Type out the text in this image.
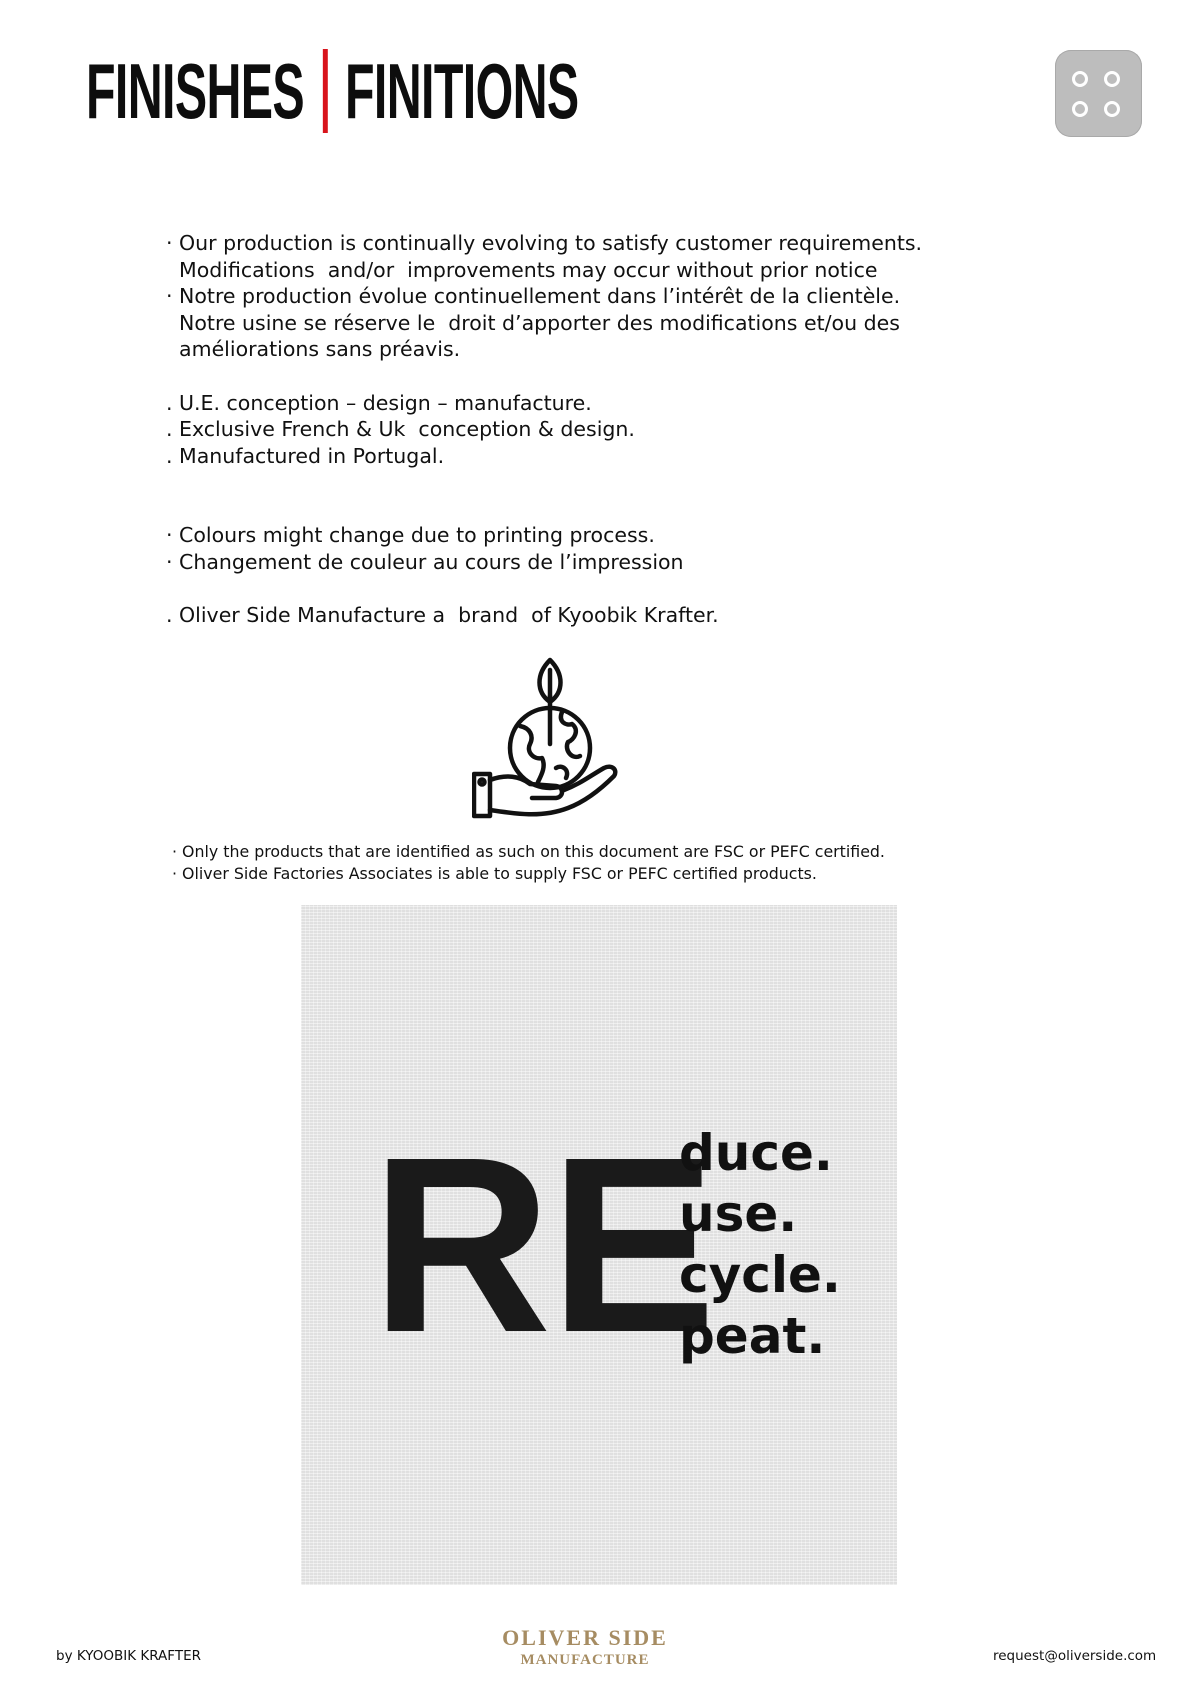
FINISHES FINITIONS

· Our production is continually evolving to satisfy customer requirements.

Modifications  and/or  improvements may occur without prior notice

· Notre production évolue continuellement dans l’intérêt de la clientèle.

Notre usine se réserve le  droit d’apporter des modifications et/ou des

améliorations sans préavis.

. U.E. conception – design – manufacture.

. Exclusive French & Uk  conception & design.

. Manufactured in Portugal.

· Colours might change due to printing process.

· Changement de couleur au cours de l’impression

. Oliver Side Manufacture a  brand  of Kyoobik Krafter.

· Only the products that are identified as such on this document are FSC or PEFC certified.

· Oliver Side Factories Associates is able to supply FSC or PEFC certified products.

RE
duce.
use.
cycle.
peat.
by KYOOBIK KRAFTER
OLIVER SIDE
MANUFACTURE	request@oliverside.com
